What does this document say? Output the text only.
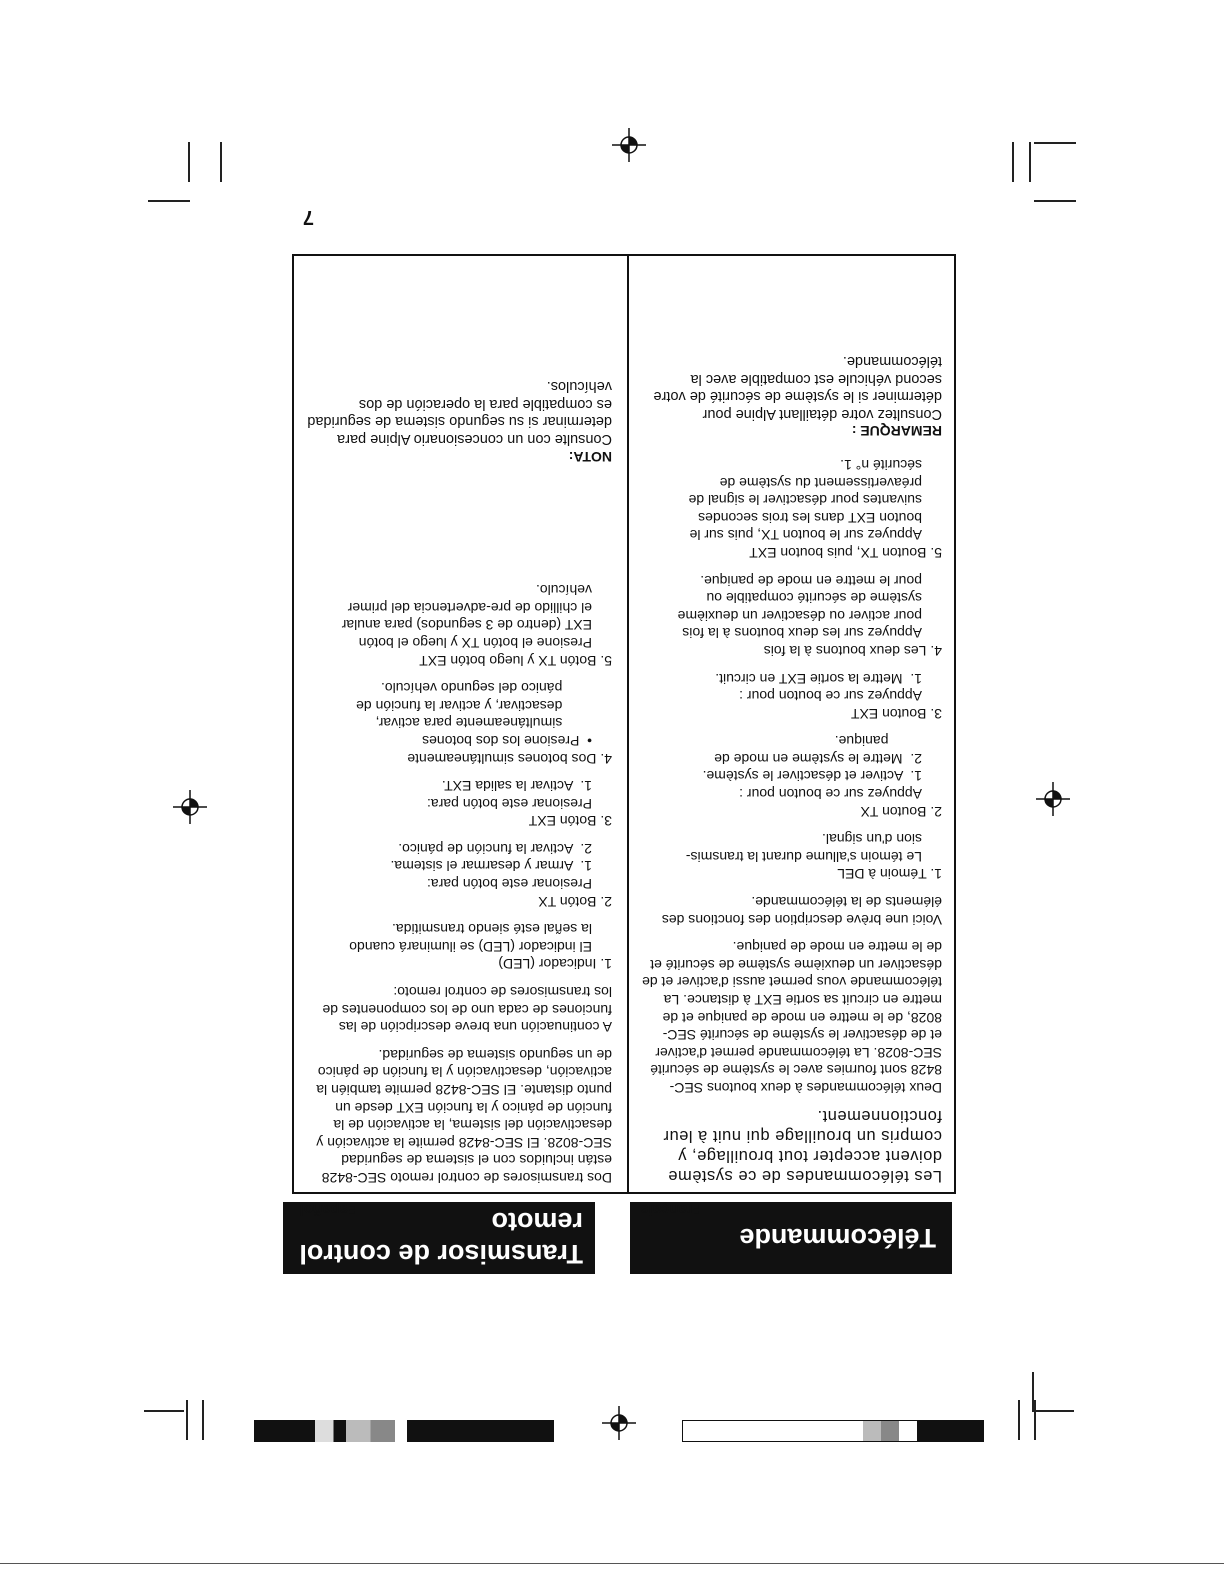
Télécommande
Transmisor de control
remoto	Français
Español

Les télécommandes de ce système doivent accepter tout brouillage, y compris un brouillage qui nuit à leur fonctionnement.

Deux télécommandes à deux boutons SEC-8428 sont fournies avec le système de sécurité SEC-8028. La télécommande permet d'activer et de désactiver le système de sécurité SEC-8028, de le mettre en mode de panique et de mettre en circuit sa sortie EXT à distance. La télécommande vous permet aussi d'activer et de désactiver un deuxième système de sécurité et de le mettre en mode de panique.

Voici une brève description des fonctions des éléments de la télécommande.

1. Témoin à DEL
Le témoin s'allume durant la transmis-
sion d'un signal.
2. Bouton TX
Appuyez sur ce bouton pour :
1.  Activer et désactiver le système.
2.  Mettre le système en mode de
panique.
3. Bouton EXT
Appuyez sur ce bouton pour :
1.  Mettre la sortie EXT en circuit.
4. Les deux boutons à la fois
Appuyez sur les deux boutons à la fois
pour activer ou désactiver un deuxième
système de sécurité compatible ou
pour le mettre en mode de panique.
5. Bouton TX, puis bouton EXT
Appuyez sur le bouton TX, puis sur le
bouton EXT dans les trois secondes
suivantes pour désactiver le signal de
préavertissement du système de
sécurité n° 1.
REMARQUE :

Consultez votre détaillant Alpine pour déterminer si le système de sécurité de votre second véhicule est compatible avec la télécommande.

Dos transmisores de control remoto SEC-8428 están incluidos con el sistema de seguridad SEC-8028. El SEC-8428 permite la activación y desactivación del sistema, la activación de la función de pánico y la función EXT desde un punto distante. El SEC-8428 permite también la activación, desactivación y la función de pánico de un segundo sistema de seguridad.

A continuación una breve descripción de las funciones de cada uno de los componentes de los transmisores de control remoto:

1. Indicador (LED)
El indicador (LED) se iluminará cuando
la señal esté siendo transmitida.
2. Botón TX
Presionar este botón para:
1.  Armar y desarmar el sistema.
2.  Activar la función de pánico.
3. Botón EXT
Presionar este botón para:
1.  Activar la salida EXT.
4. Dos botones simultáneamente
•  Presione los dos botones
simultáneamente para activar,
desactivar, y activar la función de
pánico del segundo vehículo.
5. Botón TX y luego botón EXT
Presione el botón TX y luego el botón
EXT (dentro de 3 segundos) para anular
el chillido de pre-advertencia del primer
vehículo.
NOTA:

Consulte con un concesionario Alpine para determinar si su segundo sistema de seguridad es compatible para la operación de dos vehículos.

7
